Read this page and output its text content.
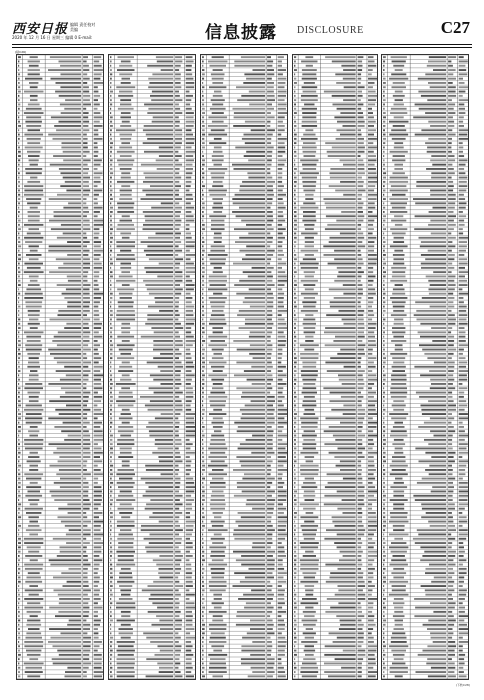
西安日报 编辑 责任校对
美编
2020 年 12 月 16 日 星期三 编辑 0 E-mail:	信息披露 DISCLOSURE	C27
(续C26)
(下转C28)
